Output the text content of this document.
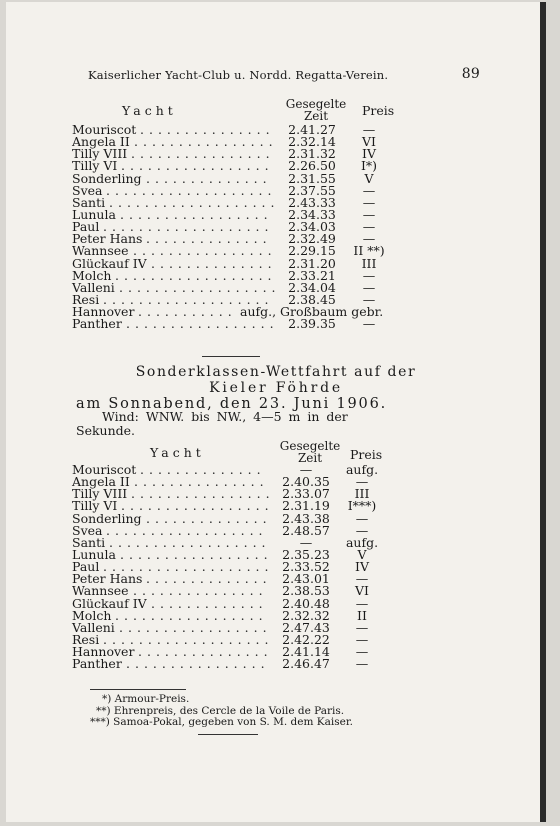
Kaiserlicher Yacht-Club u. Nordd. Regatta-Verein.	89
Yacht	Gesegelte
Zeit	Preis
Mouriscot ...............	2.41.27	—
Angela II ................ 2.32.14	VI
Tilly VIII ................	2.31.32	IV
Tilly VI .................	2.26.50	I*)
Sonderling ..............	2.31.55	V
Svea ................... 2.37.55	—
Santi ................... 2.43.33	—
Lunula .................	2.34.33	—
Paul ...................	2.34.03	—
Peter Hans ..............	2.32.49	—
Wannsee ................ 2.29.15	II **)
Glückauf IV .............. 2.31.20	III
Molch .................. 2.33.21	—
Valleni .................. 2.34.04	—
Resi ...................	2.38.45	—
Hannover ........... aufg., Großbaum gebr.
Panther ................. 2.39.35	—
Sonderklassen-Wettfahrt auf der
Kieler Föhrde
am Sonnabend, den 23. Juni 1906.
Wind: WNW. bis NW., 4—5 m in der
Sekunde.
Yacht	Gesegelte
Zeit	Preis
Mouriscot ..............	—	aufg.
Angela II ...............	2.40.35	—
Tilly VIII ................ 2.33.07	III
Tilly VI ................. 2.31.19	I***)
Sonderling .............. 2.43.38	—
Svea ..................	2.48.57	—
Santi ..................	—	aufg.
Lunula ................. 2.35.23	V
Paul ................... 2.33.52	IV
Peter Hans .............. 2.43.01	—
Wannsee ...............	2.38.53	VI
Glückauf IV .............	2.40.48	—
Molch .................	2.32.32	II
Valleni ................. 2.47.43	—
Resi ................... 2.42.22	—
Hannover ............... 2.41.14	—
Panther ................	2.46.47	—
*) Armour-Preis.
**) Ehrenpreis, des Cercle de la Voile de Paris.
***) Samoa-Pokal, gegeben von S. M. dem Kaiser.
